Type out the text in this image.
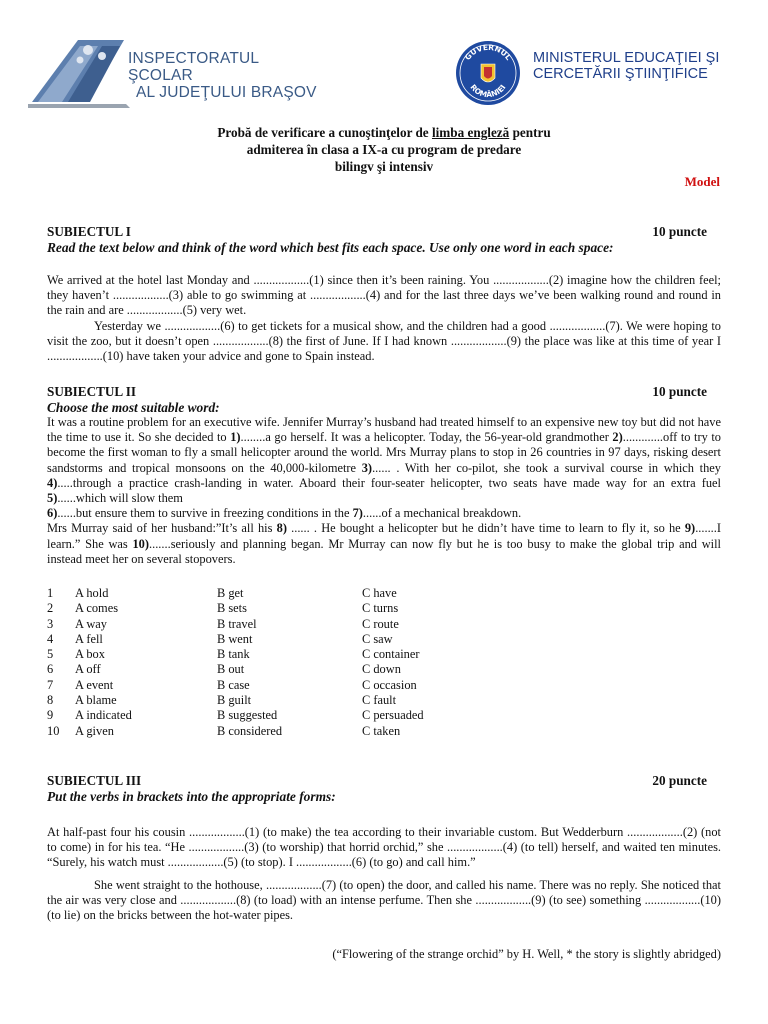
INSPECTORATUL ŞCOLAR
AL JUDEŢULUI BRAŞOV
GUVERNUL
ROMÂNIEI
MINISTERUL EDUCAŢIEI ŞI
CERCETĂRII ŞTIINŢIFICE
Probă de verificare a cunoştinţelor de limba engleză pentru
admiterea în clasa a IX-a cu program de predare
bilingv şi intensiv
Model
SUBIECTUL I	10 puncte
Read the text below and think of the word which best fits each space. Use only one word in each space:

We arrived at the hotel last Monday and ..................(1) since then it’s been raining. You ..................(2) imagine how the children feel; they haven’t ..................(3) able to go swimming at ..................(4) and for the last three days we’ve been walking round and round in the rain and are ..................(5) very wet.

Yesterday we ..................(6) to get tickets for a musical show, and the children had a good ..................(7). We were hoping to visit the zoo, but it doesn’t open ..................(8) the first of June. If I had known ..................(9) the place was like at this time of year I ..................(10) have taken your advice and gone to Spain instead.

SUBIECTUL II	10 puncte
Choose the most suitable word:

It was a routine problem for an executive wife. Jennifer Murray’s husband had treated himself to an expensive new toy but did not have the time to use it. So she decided to 1)........a go herself. It was a helicopter. Today, the 56-year-old grandmother 2).............off to try to become the first woman to fly a small helicopter around the world. Mrs Murray plans to stop in 26 countries in 97 days, risking desert sandstorms and tropical monsoons on the 40,000-kilometre 3)...... . With her co-pilot, she took a survival course in which they 4).....through a practice crash-landing in water. Aboard their four-seater helicopter, two seats have made way for an extra fuel 5)......which will slow them

6)......but ensure them to survive in freezing conditions in the 7)......of a mechanical breakdown.

Mrs Murray said of her husband:”It’s all his 8) ...... . He bought a helicopter but he didn’t have time to learn to fly it, so he 9).......I learn.” She was 10).......seriously and planning began. Mr Murray can now fly but he is too busy to make the global trip and will instead meet her on several stopovers.

1 A hold	B get	C have
2 A comes	B sets	C turns
3 A way	B travel	C route
4 A fell	B went	C saw
5 A box	B tank	C container
6 A off	B out	C down
7 A event	B case	C occasion
8 A blame	B guilt	C fault
9 A indicated	B suggested	C persuaded
10 A given	B considered	C taken
SUBIECTUL III	20 puncte
Put the verbs in brackets into the appropriate forms:

At half-past four his cousin ..................(1) (to make) the tea according to their invariable custom. But Wedderburn ..................(2) (not to come) in for his tea. “He ..................(3) (to worship) that horrid orchid,” she ..................(4) (to tell) herself, and waited ten minutes. “Surely, his watch must ..................(5) (to stop). I ..................(6) (to go) and call him.”

She went straight to the hothouse, ..................(7) (to open) the door, and called his name. There was no reply. She noticed that the air was very close and ..................(8) (to load) with an intense perfume. Then she ..................(9) (to see) something ..................(10) (to lie) on the bricks between the hot-water pipes.

(“Flowering of the strange orchid” by H. Well, * the story is slightly abridged)
